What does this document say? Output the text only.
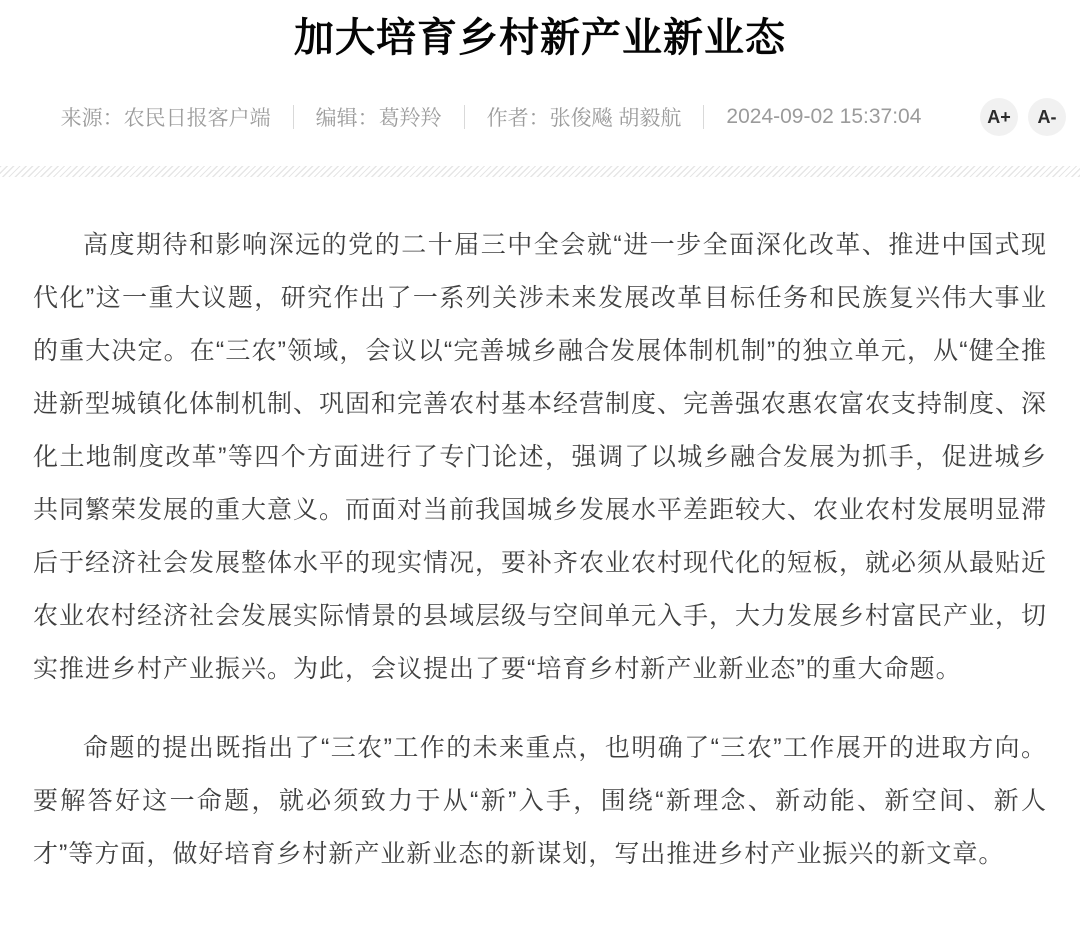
加大培育乡村新产业新业态
来源： 农民日报客户端 编辑： 葛羚羚 作者： 张俊飚 胡毅航 2024-09-02 15:37:04	A+	A-

高度期待和影响深远的党的二十届三中全会就“进一步全面深化改革、推进中国式现代化”这一重大议题，研究作出了一系列关涉未来发展改革目标任务和民族复兴伟大事业的重大决定。在“三农”领域，会议以“完善城乡融合发展体制机制”的独立单元，从“健全推进新型城镇化体制机制、巩固和完善农村基本经营制度、完善强农惠农富农支持制度、深化土地制度改革”等四个方面进行了专门论述，强调了以城乡融合发展为抓手，促进城乡共同繁荣发展的重大意义。而面对当前我国城乡发展水平差距较大、农业农村发展明显滞后于经济社会发展整体水平的现实情况，要补齐农业农村现代化的短板，就必须从最贴近农业农村经济社会发展实际情景的县域层级与空间单元入手，大力发展乡村富民产业，切实推进乡村产业振兴。为此，会议提出了要“培育乡村新产业新业态”的重大命题。

命题的提出既指出了“三农”工作的未来重点，也明确了“三农”工作展开的进取方向。要解答好这一命题，就必须致力于从“新”入手，围绕“新理念、新动能、新空间、新人才”等方面，做好培育乡村新产业新业态的新谋划，写出推进乡村产业振兴的新文章。
